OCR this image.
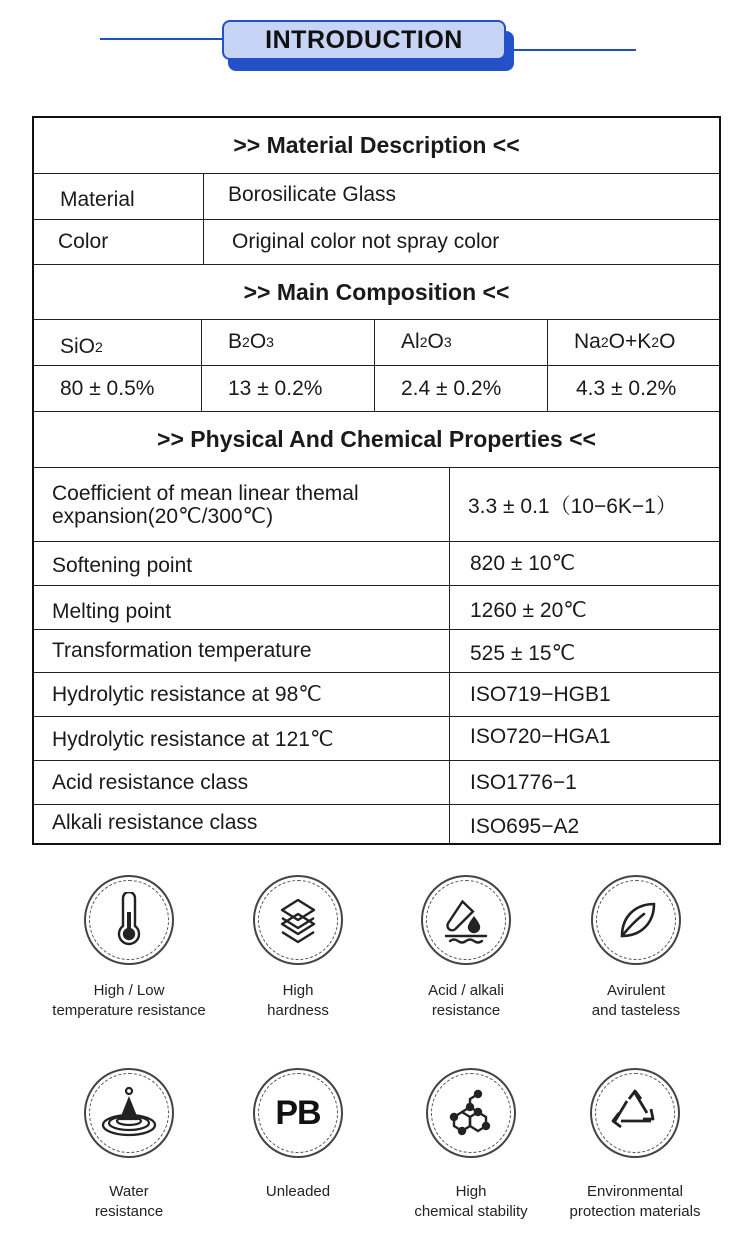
INTRODUCTION
>> Material Description <<
Material	Borosilicate Glass
Color	Original color not spray color
>> Main Composition <<
SiO 2	B 2 O 3	Al 2 O 3	Na 2 O+K 2 O
80 ± 0.5%	13 ± 0.2%	2.4 ± 0.2%	4.3 ± 0.2%
>> Physical And Chemical Properties <<
Coefficient of mean linear themal
expansion(20℃/300℃)	3.3 ± 0.1（10−6K−1）
Softening point	820 ± 10℃
Melting point	1260 ± 20℃
Transformation temperature	525 ± 15℃
Hydrolytic resistance at 98℃	ISO719−HGB1
Hydrolytic resistance at 121℃	ISO720−HGA1
Acid resistance class	ISO1776−1
Alkali resistance class	ISO695−A2
High / Low
temperature resistance
High
hardness
Acid / alkali
resistance
Avirulent
and tasteless
Water
resistance
PB
Unleaded	High
chemical stability
Environmental
protection materials
